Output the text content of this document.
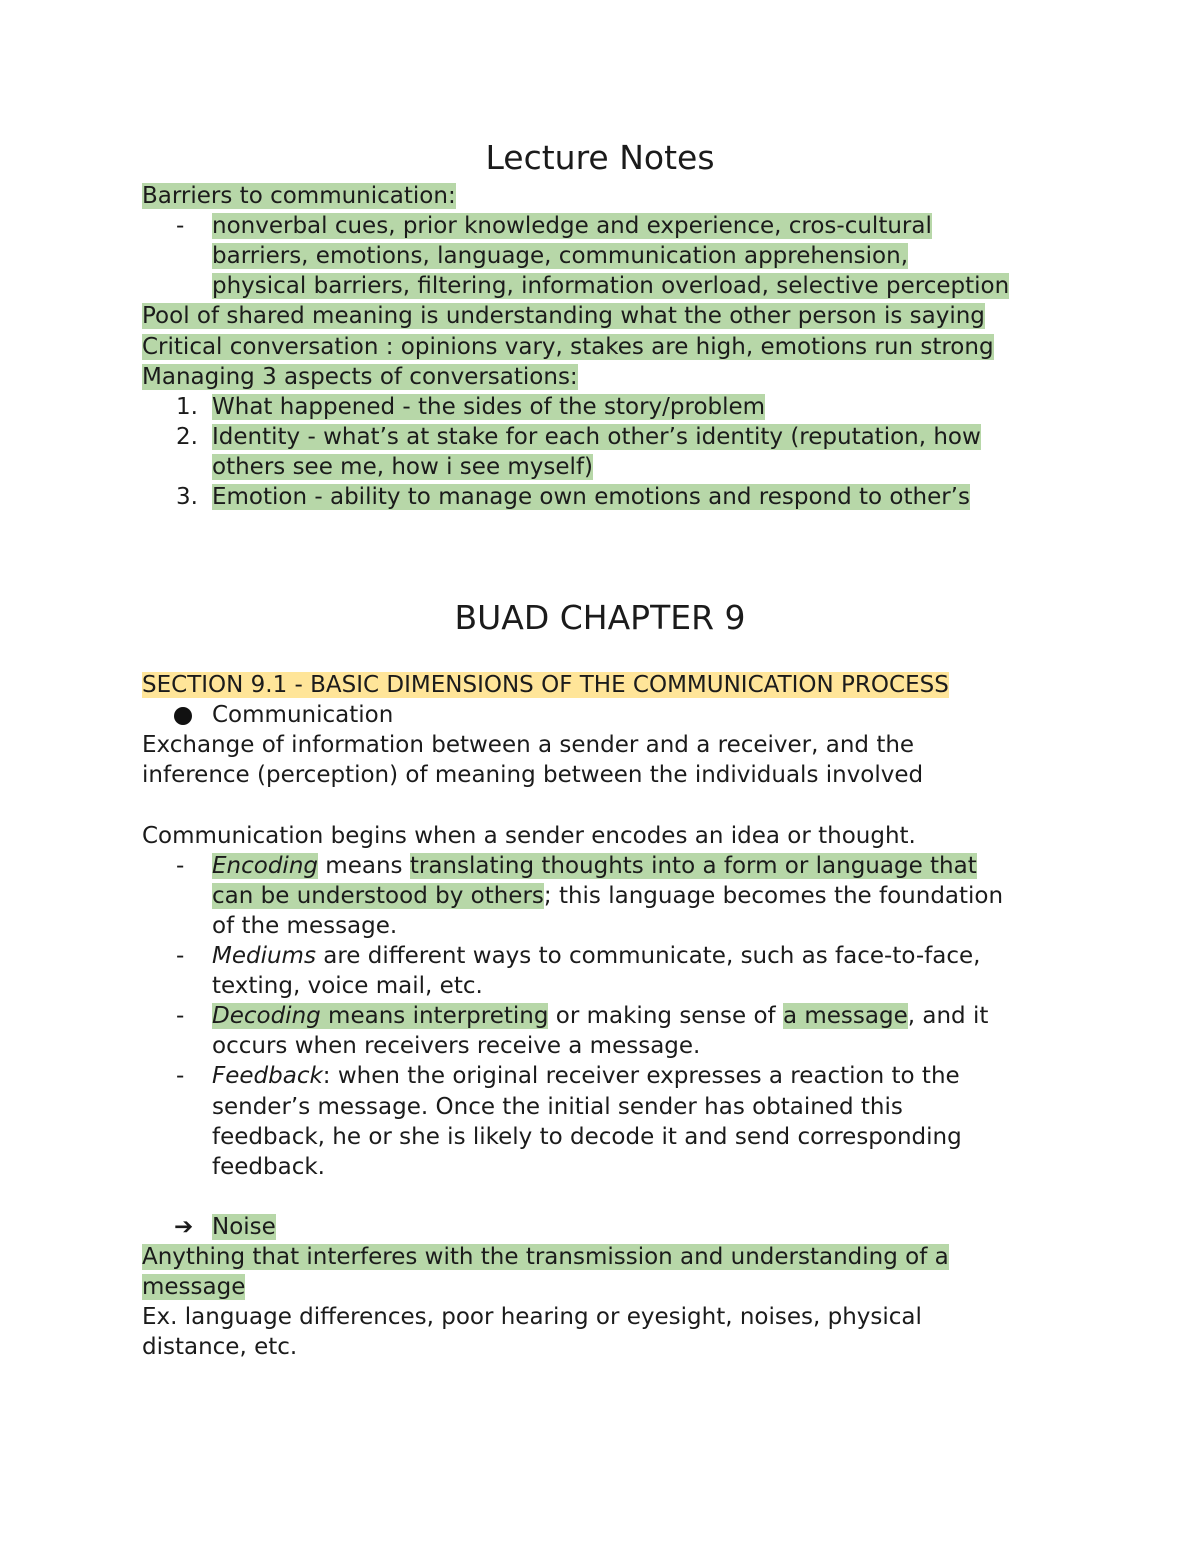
Lecture Notes
Barriers to communication:
- nonverbal cues, prior knowledge and experience, cros-cultural
barriers, emotions, language, communication apprehension,
physical barriers, filtering, information overload, selective perception
Pool of shared meaning is understanding what the other person is saying
Critical conversation : opinions vary, stakes are high, emotions run strong
Managing 3 aspects of conversations:
1. What happened - the sides of the story/problem
2. Identity - what’s at stake for each other’s identity (reputation, how
others see me, how i see myself)
3. Emotion - ability to manage own emotions and respond to other’s
BUAD CHAPTER 9
SECTION 9.1 - BASIC DIMENSIONS OF THE COMMUNICATION PROCESS
Communication
Exchange of information between a sender and a receiver, and the
inference (perception) of meaning between the individuals involved
Communication begins when a sender encodes an idea or thought.
- Encoding means translating thoughts into a form or language that
can be understood by others; this language becomes the foundation
of the message.
- Mediums are different ways to communicate, such as face-to-face,
texting, voice mail, etc.
- Decoding means interpreting or making sense of a message, and it
occurs when receivers receive a message.
- Feedback: when the original receiver expresses a reaction to the
sender’s message. Once the initial sender has obtained this
feedback, he or she is likely to decode it and send corresponding
feedback.
➔ Noise
Anything that interferes with the transmission and understanding of a
message
Ex. language differences, poor hearing or eyesight, noises, physical
distance, etc.
